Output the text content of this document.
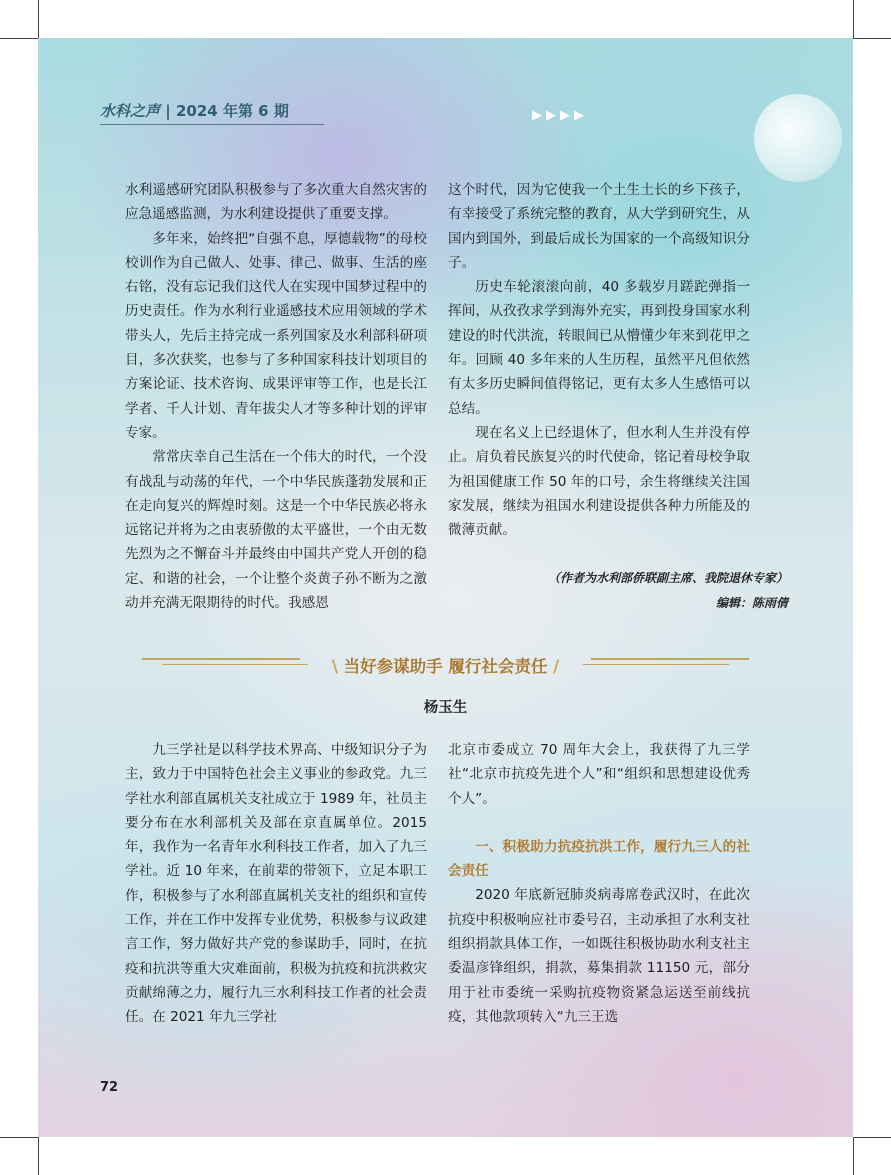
▶▶▶▶
水科之声 | 2024 年第 6 期

水利遥感研究团队积极参与了多次重大自然灾害的应急遥感监测，为水利建设提供了重要支撑。

多年来，始终把“自强不息，厚德载物”的母校校训作为自己做人、处事、律己、做事、生活的座右铭，没有忘记我们这代人在实现中国梦过程中的历史责任。作为水利行业遥感技术应用领域的学术带头人，先后主持完成一系列国家及水利部科研项目，多次获奖，也参与了多种国家科技计划项目的方案论证、技术咨询、成果评审等工作，也是长江学者、千人计划、青年拔尖人才等多种计划的评审专家。

常常庆幸自己生活在一个伟大的时代，一个没有战乱与动荡的年代，一个中华民族蓬勃发展和正在走向复兴的辉煌时刻。这是一个中华民族必将永远铭记并将为之由衷骄傲的太平盛世，一个由无数先烈为之不懈奋斗并最终由中国共产党人开创的稳定、和谐的社会，一个让整个炎黄子孙不断为之激动并充满无限期待的时代。我感恩

这个时代，因为它使我一个土生土长的乡下孩子，有幸接受了系统完整的教育，从大学到研究生，从国内到国外，到最后成长为国家的一个高级知识分子。

历史车轮滚滚向前，40 多载岁月蹉跎弹指一挥间，从孜孜求学到海外充实，再到投身国家水利建设的时代洪流，转眼间已从懵懂少年来到花甲之年。回顾 40 多年来的人生历程，虽然平凡但依然有太多历史瞬间值得铭记，更有太多人生感悟可以总结。

现在名义上已经退休了，但水利人生并没有停止。肩负着民族复兴的时代使命，铭记着母校争取为祖国健康工作 50 年的口号，余生将继续关注国家发展，继续为祖国水利建设提供各种力所能及的微薄贡献。

（作者为水利部侨联副主席、我院退休专家）
编辑：陈雨倩
\ 当好参谋助手 履行社会责任 /
杨玉生

九三学社是以科学技术界高、中级知识分子为主，致力于中国特色社会主义事业的参政党。九三学社水利部直属机关支社成立于 1989 年，社员主要分布在水利部机关及部在京直属单位。2015 年，我作为一名青年水利科技工作者，加入了九三学社。近 10 年来，在前辈的带领下，立足本职工作，积极参与了水利部直属机关支社的组织和宣传工作，并在工作中发挥专业优势，积极参与议政建言工作，努力做好共产党的参谋助手，同时，在抗疫和抗洪等重大灾难面前，积极为抗疫和抗洪救灾贡献绵薄之力，履行九三水利科技工作者的社会责任。在 2021 年九三学社

北京市委成立 70 周年大会上，我获得了九三学社“北京市抗疫先进个人”和“组织和思想建设优秀个人”。

一、积极助力抗疫抗洪工作，履行九三人的社会责任

2020 年底新冠肺炎病毒席卷武汉时，在此次抗疫中积极响应社市委号召，主动承担了水利支社组织捐款具体工作，一如既往积极协助水利支社主委温彦锋组织，捐款，募集捐款 11150 元，部分用于社市委统一采购抗疫物资紧急运送至前线抗疫，其他款项转入“九三王选

72
